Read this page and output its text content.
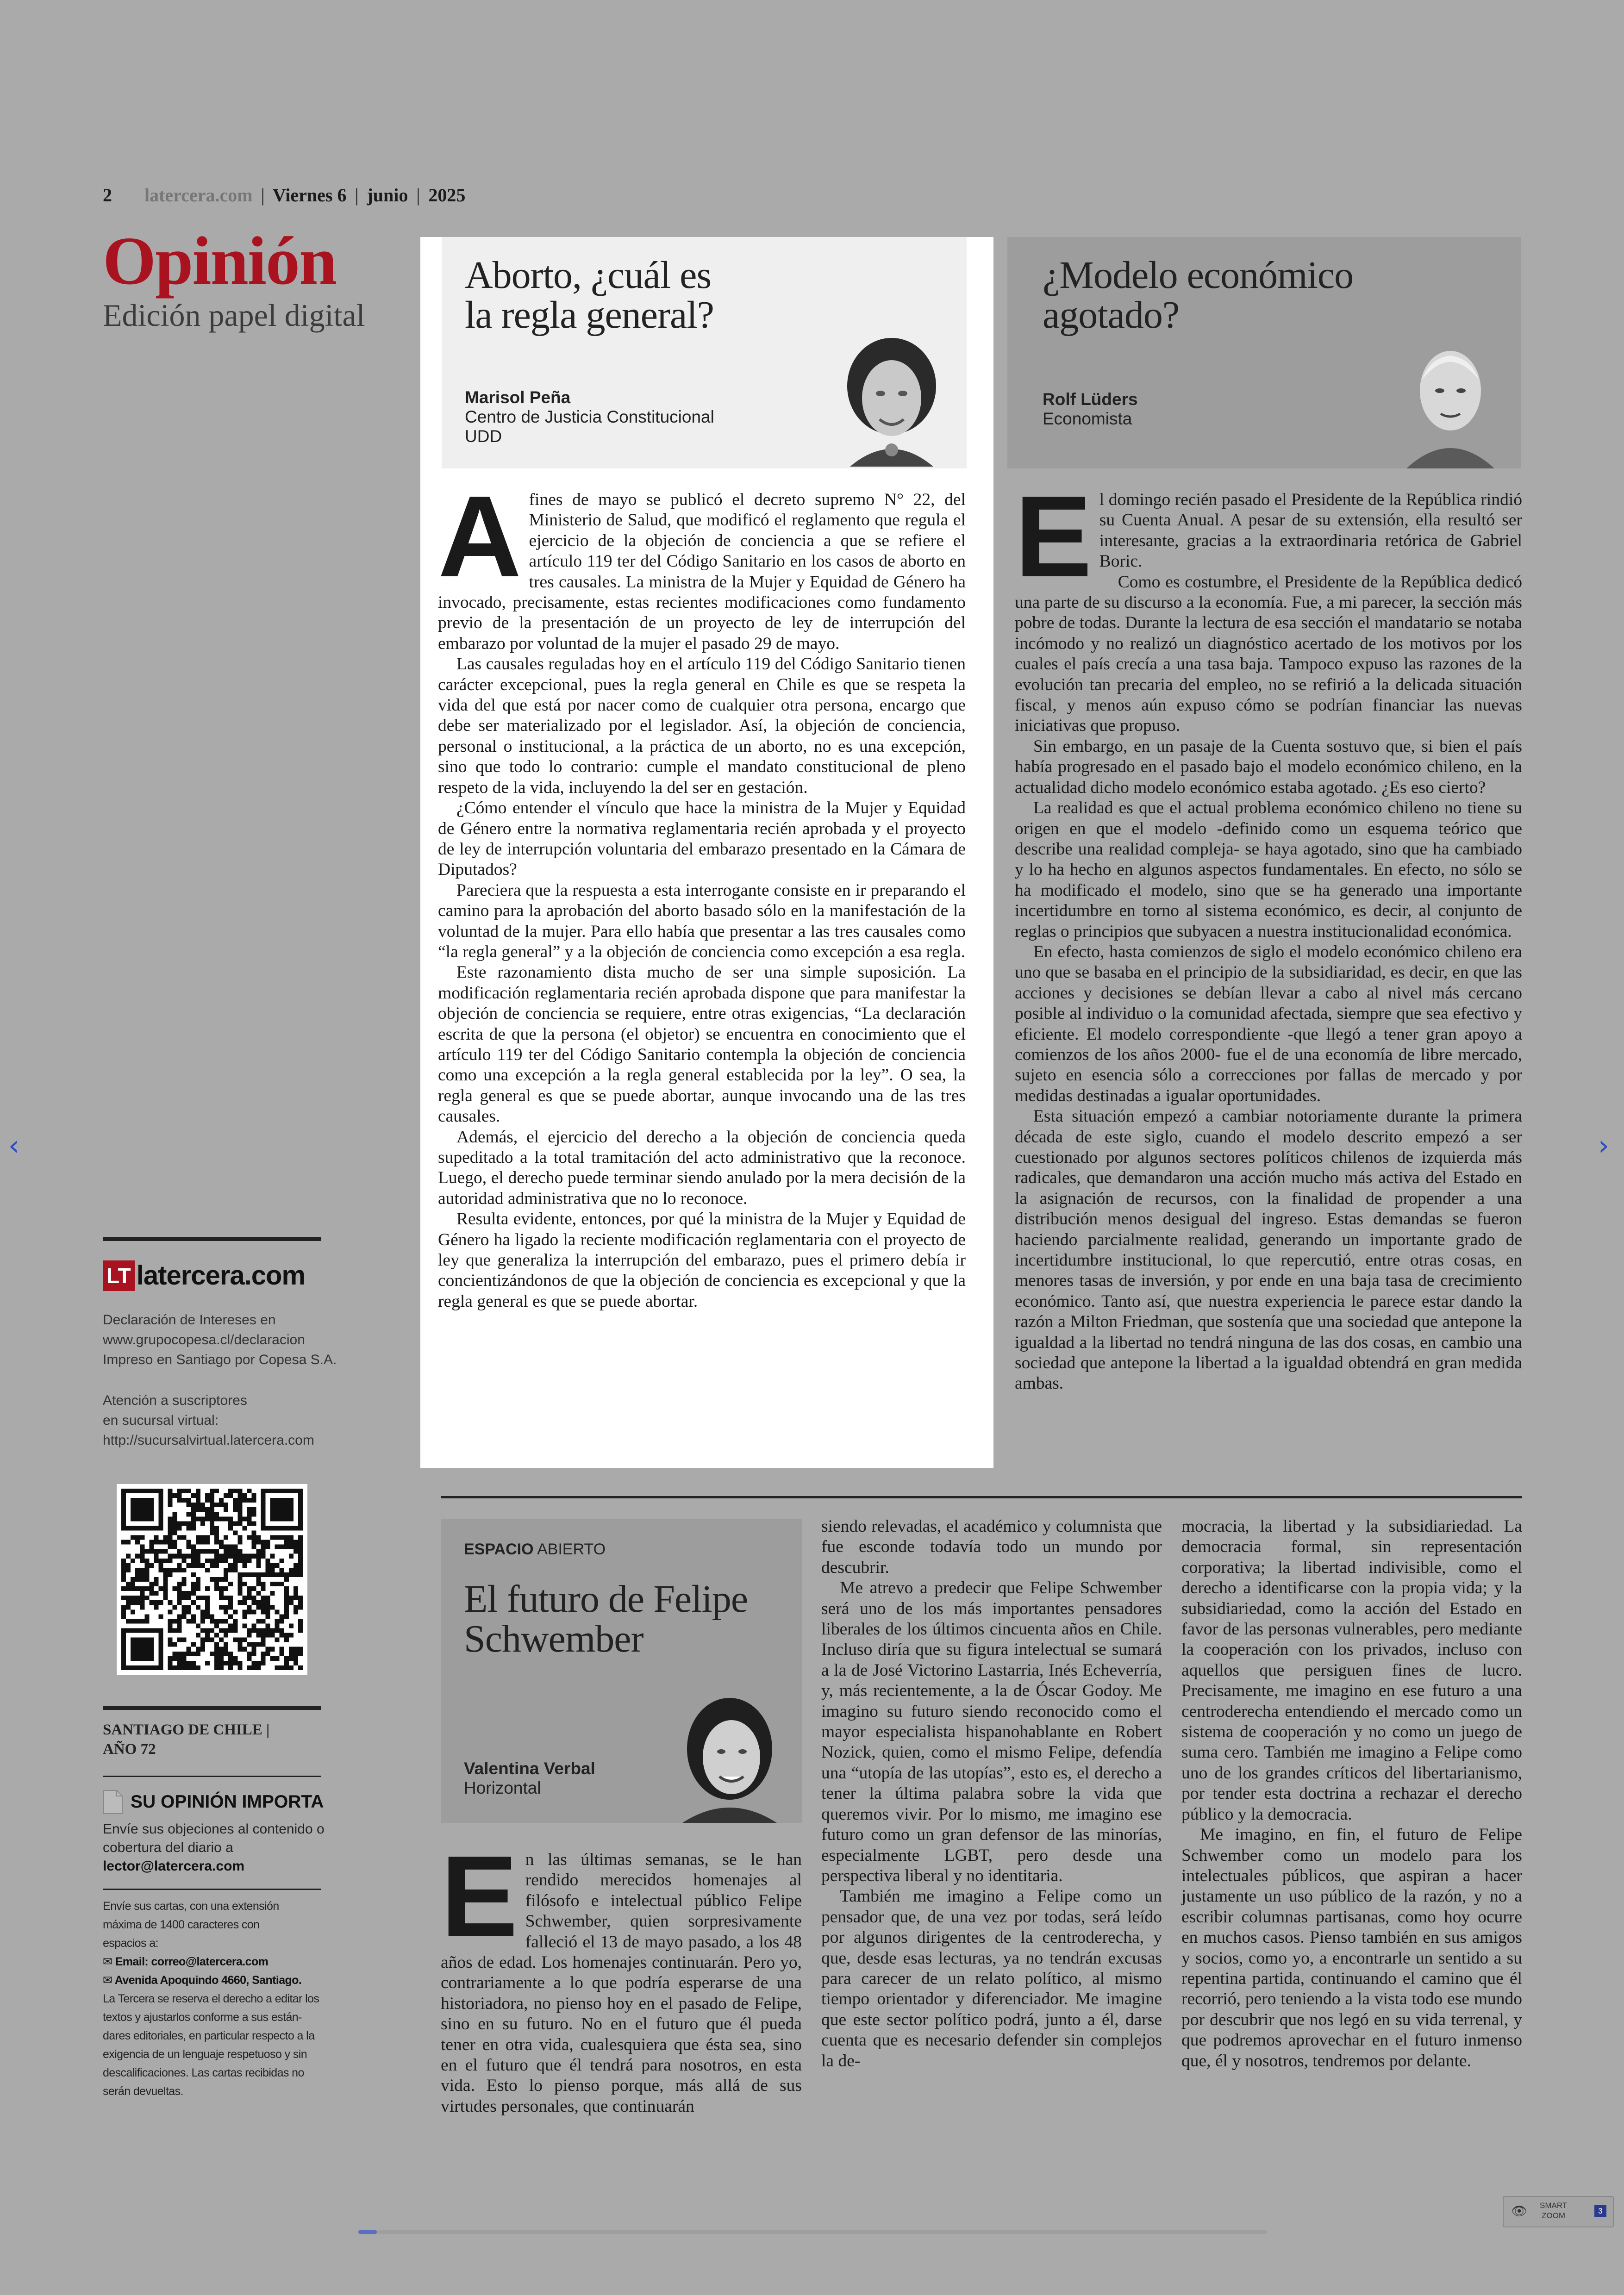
‹	›
2 latercera.com | Viernes 6 | junio | 2025
Opinión
Edición papel digital
Aborto, ¿cuál es
la regla general?
Marisol Peña
Centro de Justicia Constitucional
UDD

Afines de mayo se publicó el decreto supremo N° 22, del Ministerio de Salud, que modificó el reglamento que regula el ejercicio de la objeción de conciencia a que se refiere el artículo 119 ter del Código Sanitario en los casos de aborto en tres causales. La ministra de la Mujer y Equidad de Género ha invocado, precisamente, estas recientes modificaciones como fundamento previo de la presentación de un proyecto de ley de interrupción del embarazo por voluntad de la mujer el pasado 29 de mayo.

Las causales reguladas hoy en el artículo 119 del Código Sanitario tienen carácter excepcional, pues la regla general en Chile es que se respeta la vida del que está por nacer como de cualquier otra persona, encargo que debe ser materializado por el legislador. Así, la objeción de conciencia, personal o institucional, a la práctica de un aborto, no es una excepción, sino que todo lo contrario: cumple el mandato constitucional de pleno respeto de la vida, incluyendo la del ser en gestación.

¿Cómo entender el vínculo que hace la ministra de la Mujer y Equidad de Género entre la normativa reglamentaria recién aprobada y el proyecto de ley de interrupción voluntaria del embarazo presentado en la Cámara de Diputados?

Pareciera que la respuesta a esta interrogante consiste en ir preparando el camino para la aprobación del aborto basado sólo en la manifestación de la voluntad de la mujer. Para ello había que presentar a las tres causales como “la regla general” y a la objeción de conciencia como excepción a esa regla.

Este razonamiento dista mucho de ser una simple suposición. La modificación reglamentaria recién aprobada dispone que para manifestar la objeción de conciencia se requiere, entre otras exigencias, “La declaración escrita de que la persona (el objetor) se encuentra en conocimiento que el artículo 119 ter del Código Sanitario contempla la objeción de conciencia como una excepción a la regla general establecida por la ley”. O sea, la regla general es que se puede abortar, aunque invocando una de las tres causales.

Además, el ejercicio del derecho a la objeción de conciencia queda supeditado a la total tramitación del acto administrativo que la reconoce. Luego, el derecho puede terminar siendo anulado por la mera decisión de la autoridad administrativa que no lo reconoce.

Resulta evidente, entonces, por qué la ministra de la Mujer y Equidad de Género ha ligado la reciente modificación reglamentaria con el proyecto de ley que generaliza la interrupción del embarazo, pues el primero debía ir concientizándonos de que la objeción de conciencia es excepcional y que la regla general es que se puede abortar.

¿Modelo económico
agotado?
Rolf Lüders
Economista

El domingo recién pasado el Presidente de la República rindió su Cuenta Anual. A pesar de su extensión, ella resultó ser interesante, gracias a la extraordinaria retórica de Gabriel Boric.

Como es costumbre, el Presidente de la República dedicó una parte de su discurso a la economía. Fue, a mi parecer, la sección más pobre de todas. Durante la lectura de esa sección el mandatario se notaba incómodo y no realizó un diagnóstico acertado de los motivos por los cuales el país crecía a una tasa baja. Tampoco expuso las razones de la evolución tan precaria del empleo, no se refirió a la delicada situación fiscal, y menos aún expuso cómo se podrían financiar las nuevas iniciativas que propuso.

Sin embargo, en un pasaje de la Cuenta sostuvo que, si bien el país había progresado en el pasado bajo el modelo económico chileno, en la actualidad dicho modelo económico estaba agotado. ¿Es eso cierto?

La realidad es que el actual problema económico chileno no tiene su origen en que el modelo -definido como un esquema teórico que describe una realidad compleja- se haya agotado, sino que ha cambiado y lo ha hecho en algunos aspectos fundamentales. En efecto, no sólo se ha modificado el modelo, sino que se ha generado una importante incertidumbre en torno al sistema económico, es decir, al conjunto de reglas o principios que subyacen a nuestra institucionalidad económica.

En efecto, hasta comienzos de siglo el modelo económico chileno era uno que se basaba en el principio de la subsidiaridad, es decir, en que las acciones y decisiones se debían llevar a cabo al nivel más cercano posible al individuo o la comunidad afectada, siempre que sea efectivo y eficiente. El modelo correspondiente -que llegó a tener gran apoyo a comienzos de los años 2000- fue el de una economía de libre mercado, sujeto en esencia sólo a correcciones por fallas de mercado y por medidas destinadas a igualar oportunidades.

Esta situación empezó a cambiar notoriamente durante la primera década de este siglo, cuando el modelo descrito empezó a ser cuestionado por algunos sectores políticos chilenos de izquierda más radicales, que demandaron una acción mucho más activa del Estado en la asignación de recursos, con la finalidad de propender a una distribución menos desigual del ingreso. Estas demandas se fueron haciendo parcialmente realidad, generando un importante grado de incertidumbre institucional, lo que repercutió, entre otras cosas, en menores tasas de inversión, y por ende en una baja tasa de crecimiento económico. Tanto así, que nuestra experiencia le parece estar dando la razón a Milton Friedman, que sostenía que una sociedad que antepone la igualdad a la libertad no tendrá ninguna de las dos cosas, en cambio una sociedad que antepone la libertad a la igualdad obtendrá en gran medida ambas.

ESPACIO ABIERTO
El futuro de Felipe
Schwember
Valentina Verbal
Horizontal

En las últimas semanas, se le han rendido merecidos homenajes al filósofo e intelectual público Felipe Schwember, quien sorpresivamente falleció el 13 de mayo pasado, a los 48 años de edad. Los homenajes continuarán. Pero yo, contrariamente a lo que podría esperarse de una historiadora, no pienso hoy en el pasado de Felipe, sino en su futuro. No en el futuro que él pueda tener en otra vida, cualesquiera que ésta sea, sino en el futuro que él tendrá para nosotros, en esta vida. Esto lo pienso porque, más allá de sus virtudes personales, que continuarán

siendo relevadas, el académico y columnista que fue esconde todavía todo un mundo por descubrir.

Me atrevo a predecir que Felipe Schwember será uno de los más importantes pensadores liberales de los últimos cincuenta años en Chile. Incluso diría que su figura intelectual se sumará a la de José Victorino Lastarria, Inés Echeverría, y, más recientemente, a la de Óscar Godoy. Me imagino su futuro siendo reconocido como el mayor especialista hispanohablante en Robert Nozick, quien, como el mismo Felipe, defendía una “utopía de las utopías”, esto es, el derecho a tener la última palabra sobre la vida que queremos vivir. Por lo mismo, me imagino ese futuro como un gran defensor de las minorías, especialmente LGBT, pero desde una perspectiva liberal y no identitaria.

También me imagino a Felipe como un pensador que, de una vez por todas, será leído por algunos dirigentes de la centroderecha, y que, desde esas lecturas, ya no tendrán excusas para carecer de un relato político, al mismo tiempo orientador y diferenciador. Me imagine que este sector político podrá, junto a él, darse cuenta que es necesario defender sin complejos la de-

mocracia, la libertad y la subsidiariedad. La democracia formal, sin representación corporativa; la libertad indivisible, como el derecho a identificarse con la propia vida; y la subsidiariedad, como la acción del Estado en favor de las personas vulnerables, pero mediante la cooperación con los privados, incluso con aquellos que persiguen fines de lucro. Precisamente, me imagino en ese futuro a una centroderecha entendiendo el mercado como un sistema de cooperación y no como un juego de suma cero. También me imagino a Felipe como uno de los grandes críticos del libertarianismo, por tender esta doctrina a rechazar el derecho público y la democracia.

Me imagino, en fin, el futuro de Felipe Schwember como un modelo para los intelectuales públicos, que aspiran a hacer justamente un uso público de la razón, y no a escribir columnas partisanas, como hoy ocurre en muchos casos. Pienso también en sus amigos y socios, como yo, a encontrarle un sentido a su repentina partida, continuando el camino que él recorrió, pero teniendo a la vista todo ese mundo por descubrir que nos legó en su vida terrenal, y que podremos aprovechar en el futuro inmenso que, él y nosotros, tendremos por delante.

LT latercera.com
Declaración de Intereses en
www.grupocopesa.cl/declaracion
Impreso en Santiago por Copesa S.A.
Atención a suscriptores
en sucursal virtual:
http://sucursalvirtual.latercera.com
SANTIAGO DE CHILE |
AÑO 72
SU OPINIÓN IMPORTA
Envíe sus objeciones al contenido o
cobertura del diario a
lector@latercera.com
Envíe sus cartas, con una extensión
máxima de 1400 caracteres con
espacios a:
✉ Email: correo@latercera.com
✉ Avenida Apoquindo 4660, Santiago.
La Tercera se reserva el derecho a editar los
textos y ajustarlos conforme a sus están-
dares editoriales, en particular respecto a la
exigencia de un lenguaje respetuoso y sin
descalificaciones. Las cartas recibidas no
serán devueltas.
👁 SMART
ZOOM
3
